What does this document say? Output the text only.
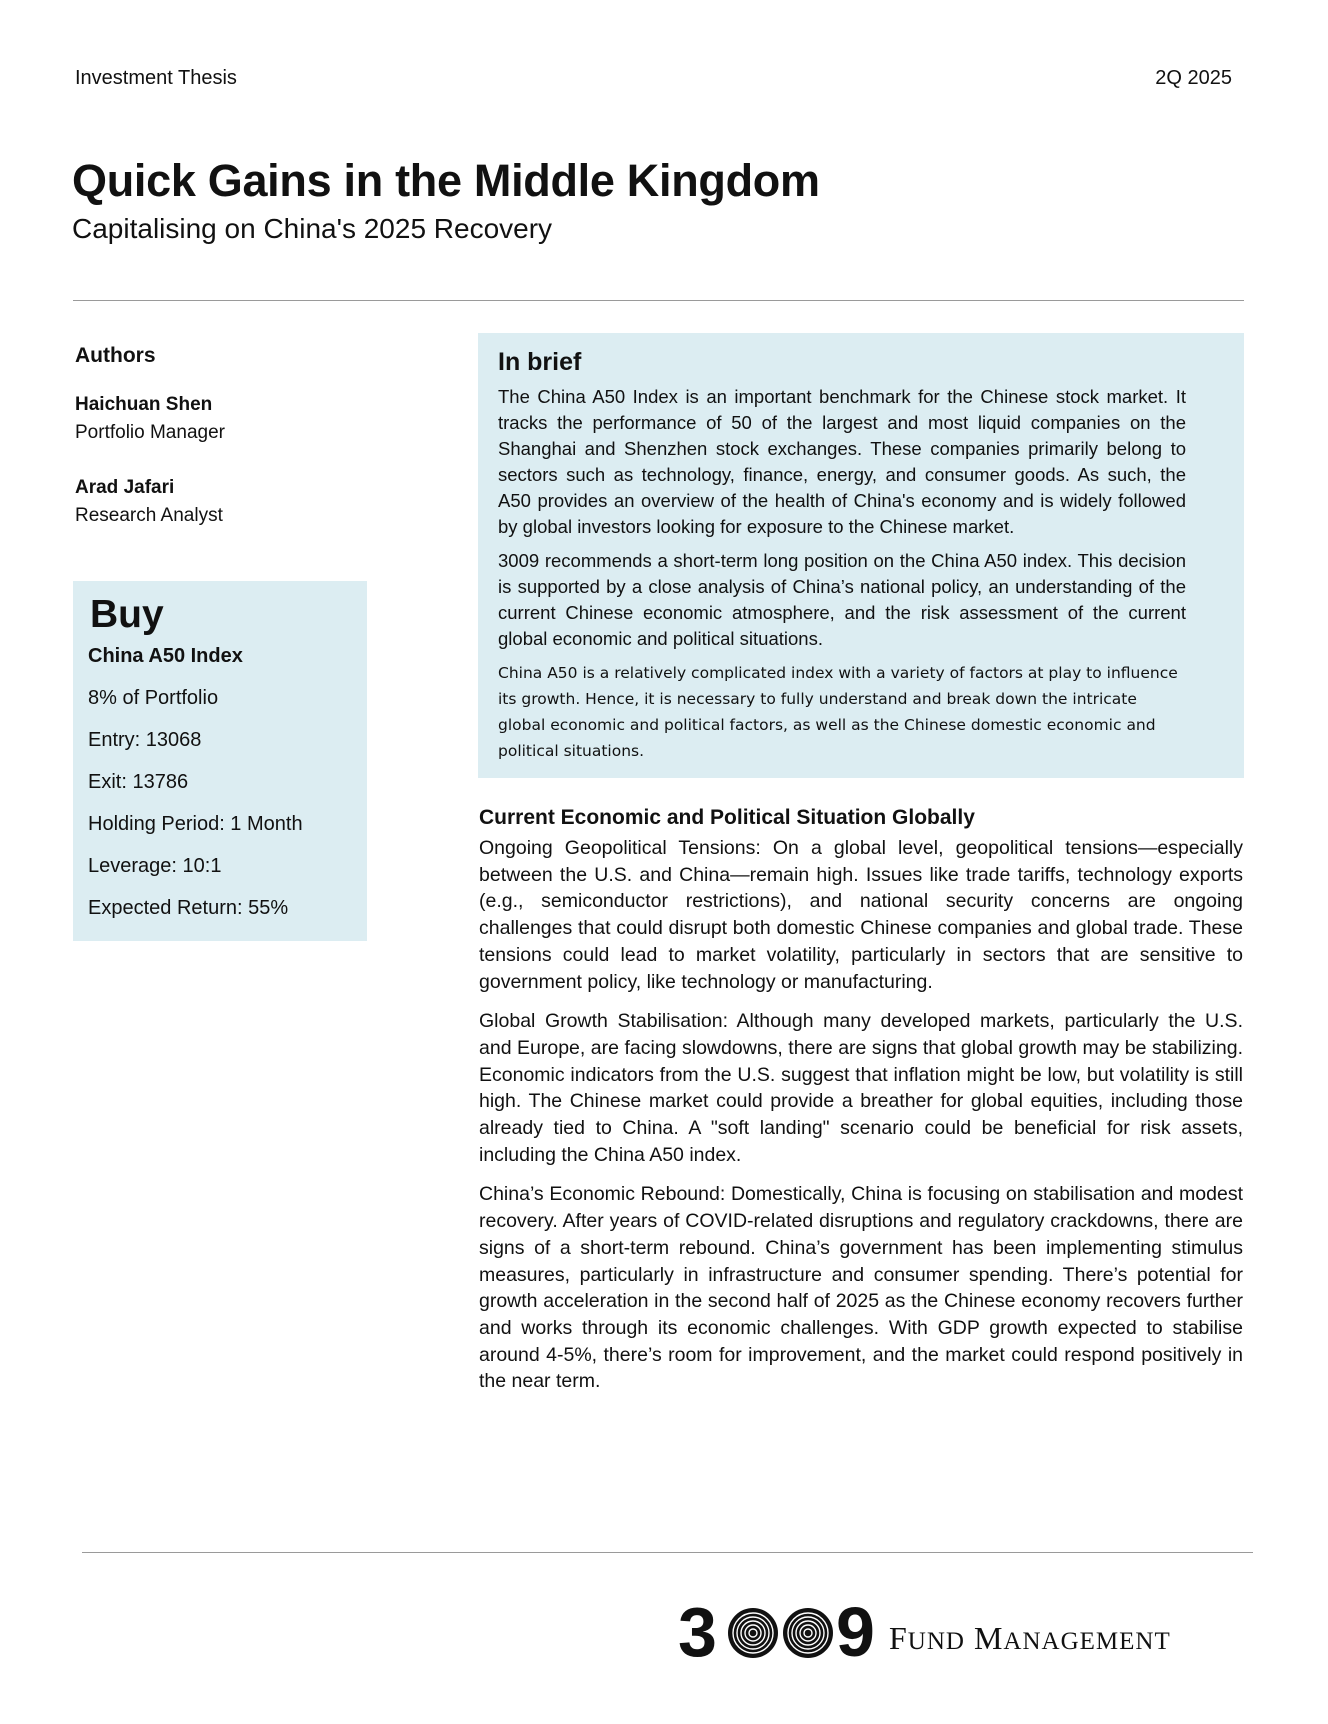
Investment Thesis	2Q 2025
Quick Gains in the Middle Kingdom
Capitalising on China's 2025 Recovery
Authors
Haichuan Shen
Portfolio Manager
Arad Jafari
Research Analyst
Buy
China A50 Index
8% of Portfolio
Entry: 13068
Exit: 13786
Holding Period: 1 Month
Leverage: 10:1
Expected Return: 55%
In brief

The China A50 Index is an important benchmark for the Chinese stock market. It tracks the performance of 50 of the largest and most liquid companies on the Shanghai and Shenzhen stock exchanges. These companies primarily belong to sectors such as technology, finance, energy, and consumer goods. As such, the A50 provides an overview of the health of China's economy and is widely followed by global investors looking for exposure to the Chinese market.

3009 recommends a short-term long position on the China A50 index. This decision is supported by a close analysis of China’s national policy, an understanding of the current Chinese economic atmosphere, and the risk assessment of the current global economic and political situations.

China A50 is a relatively complicated index with a variety of factors at play to influence its growth. Hence, it is necessary to fully understand and break down the intricate global economic and political factors, as well as the Chinese domestic economic and political situations.

Current Economic and Political Situation Globally

Ongoing Geopolitical Tensions: On a global level, geopolitical tensions—especially between the U.S. and China—remain high. Issues like trade tariffs, technology exports (e.g., semiconductor restrictions), and national security concerns are ongoing challenges that could disrupt both domestic Chinese companies and global trade. These tensions could lead to market volatility, particularly in sectors that are sensitive to government policy, like technology or manufacturing.

Global Growth Stabilisation: Although many developed markets, particularly the U.S. and Europe, are facing slowdowns, there are signs that global growth may be stabilizing. Economic indicators from the U.S. suggest that inflation might be low, but volatility is still high. The Chinese market could provide a breather for global equities, including those already tied to China. A "soft landing" scenario could be beneficial for risk assets, including the China A50 index.

China’s Economic Rebound: Domestically, China is focusing on stabilisation and modest recovery. After years of COVID-related disruptions and regulatory crackdowns, there are signs of a short-term rebound. China’s government has been implementing stimulus measures, particularly in infrastructure and consumer spending. There’s potential for growth acceleration in the second half of 2025 as the Chinese economy recovers further and works through its economic challenges. With GDP growth expected to stabilise around 4-5%, there’s room for improvement, and the market could respond positively in the near term.

3 9 FUND MANAGEMENT
